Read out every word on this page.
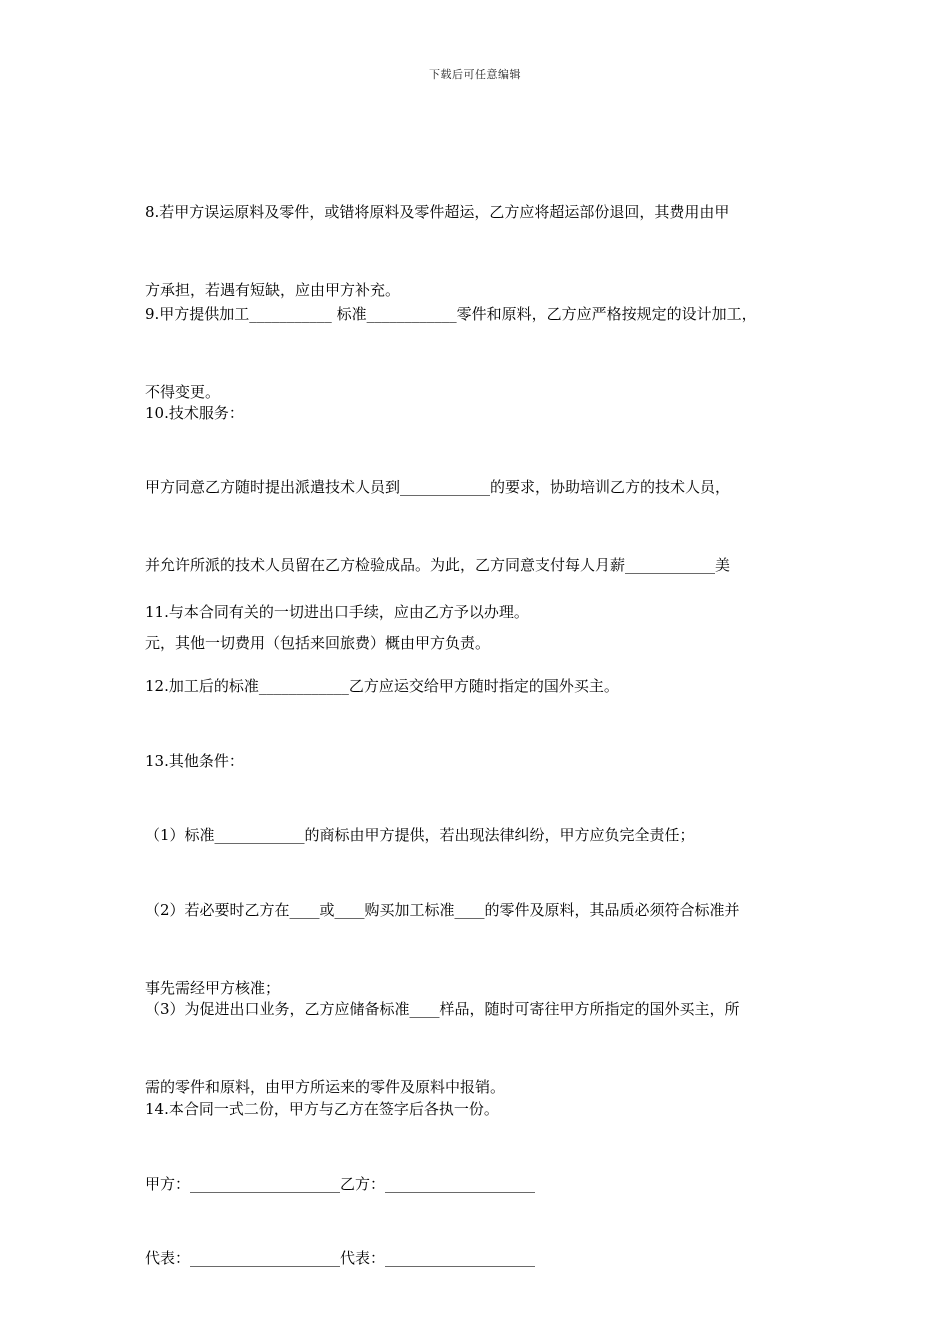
下载后可任意编辑

8.若甲方误运原料及零件，或错将原料及零件超运，乙方应将超运部份退回，其费用由甲

方承担，若遇有短缺，应由甲方补充。

9.甲方提供加工___________ 标准____________零件和原料，乙方应严格按规定的设计加工，

不得变更。

10.技术服务：

甲方同意乙方随时提出派遣技术人员到____________的要求，协助培训乙方的技术人员，

并允许所派的技术人员留在乙方检验成品。为此，乙方同意支付每人月薪____________美

元，其他一切费用（包括来回旅费）概由甲方负责。

11.与本合同有关的一切进出口手续，应由乙方予以办理。

12.加工后的标准____________乙方应运交给甲方随时指定的国外买主。

13.其他条件：

（1）标准____________的商标由甲方提供，若出现法律纠纷，甲方应负完全责任；

（2）若必要时乙方在____或____购买加工标准____的零件及原料，其品质必须符合标准并

事先需经甲方核准；

（3）为促进出口业务，乙方应储备标准____样品，随时可寄往甲方所指定的国外买主，所

需的零件和原料，由甲方所运来的零件及原料中报销。

14.本合同一式二份，甲方与乙方在签字后各执一份。

甲方：____________________乙方：____________________

代表：____________________代表：____________________
